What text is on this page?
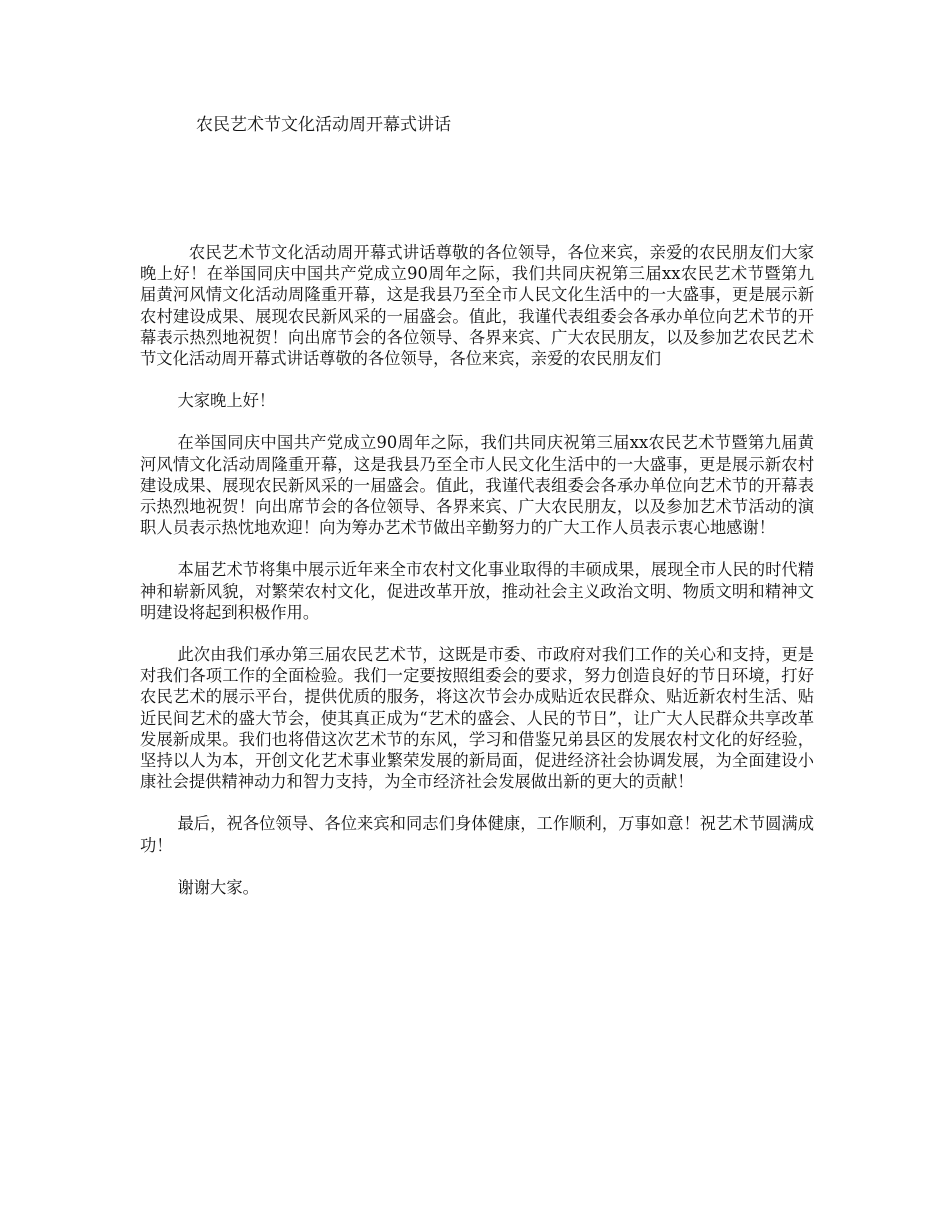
农民艺术节文化活动周开幕式讲话

农民艺术节文化活动周开幕式讲话尊敬的各位领导，各位来宾，亲爱的农民朋友们大家晚上好！在举国同庆中国共产党成立90周年之际，我们共同庆祝第三届xx农民艺术节暨第九届黄河风情文化活动周隆重开幕，这是我县乃至全市人民文化生活中的一大盛事，更是展示新农村建设成果、展现农民新风采的一届盛会。值此，我谨代表组委会各承办单位向艺术节的开幕表示热烈地祝贺！向出席节会的各位领导、各界来宾、广大农民朋友，以及参加艺农民艺术节文化活动周开幕式讲话尊敬的各位领导，各位来宾，亲爱的农民朋友们

大家晚上好！

在举国同庆中国共产党成立90周年之际，我们共同庆祝第三届xx农民艺术节暨第九届黄河风情文化活动周隆重开幕，这是我县乃至全市人民文化生活中的一大盛事，更是展示新农村建设成果、展现农民新风采的一届盛会。值此，我谨代表组委会各承办单位向艺术节的开幕表示热烈地祝贺！向出席节会的各位领导、各界来宾、广大农民朋友，以及参加艺术节活动的演职人员表示热忱地欢迎！向为筹办艺术节做出辛勤努力的广大工作人员表示衷心地感谢！

本届艺术节将集中展示近年来全市农村文化事业取得的丰硕成果，展现全市人民的时代精神和崭新风貌，对繁荣农村文化，促进改革开放，推动社会主义政治文明、物质文明和精神文明建设将起到积极作用。

此次由我们承办第三届农民艺术节，这既是市委、市政府对我们工作的关心和支持，更是对我们各项工作的全面检验。我们一定要按照组委会的要求，努力创造良好的节日环境，打好农民艺术的展示平台，提供优质的服务，将这次节会办成贴近农民群众、贴近新农村生活、贴近民间艺术的盛大节会，使其真正成为“艺术的盛会、人民的节日”，让广大人民群众共享改革发展新成果。我们也将借这次艺术节的东风，学习和借鉴兄弟县区的发展农村文化的好经验，坚持以人为本，开创文化艺术事业繁荣发展的新局面，促进经济社会协调发展，为全面建设小康社会提供精神动力和智力支持，为全市经济社会发展做出新的更大的贡献！

最后，祝各位领导、各位来宾和同志们身体健康，工作顺利，万事如意！祝艺术节圆满成功！

谢谢大家。
